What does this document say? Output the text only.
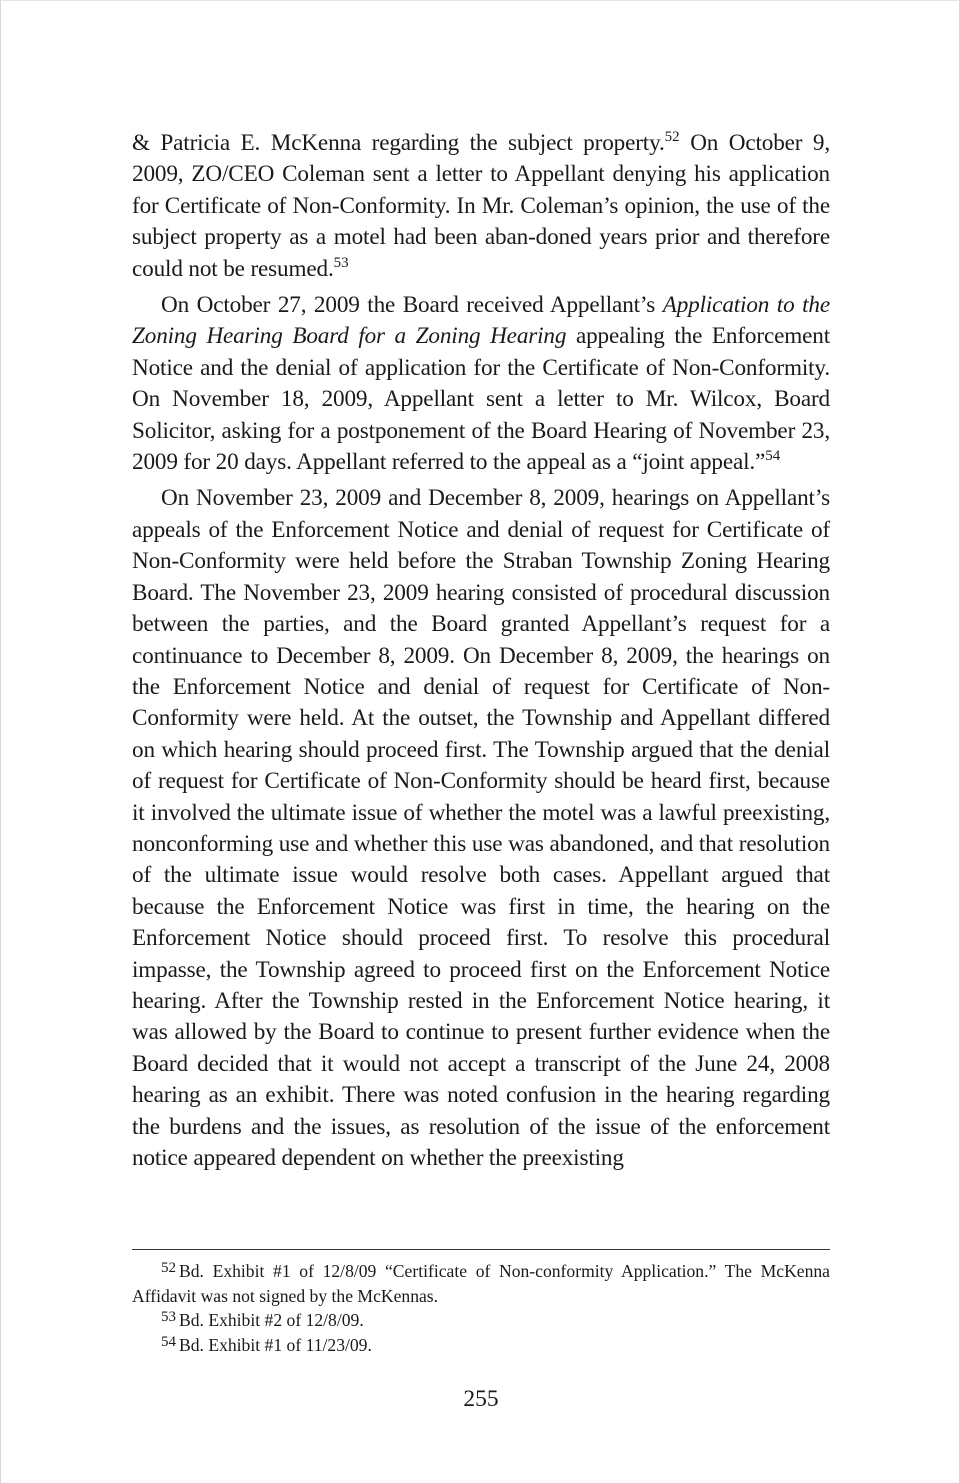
& Patricia E. McKenna regarding the subject property.$^{52}$ On October 9, 2009, ZO/CEO Coleman sent a letter to Appellant denying his application for Certificate of Non-Conformity. In Mr. Coleman’s opinion, the use of the subject property as a motel had been aban-doned years prior and therefore could not be resumed.$^{53}$

On October 27, 2009 the Board received Appellant’s Application to the Zoning Hearing Board for a Zoning Hearing appealing the Enforcement Notice and the denial of application for the Certificate of Non-Conformity. On November 18, 2009, Appellant sent a letter to Mr. Wilcox, Board Solicitor, asking for a postponement of the Board Hearing of November 23, 2009 for 20 days. Appellant referred to the appeal as a “joint appeal.”$^{54}$

On November 23, 2009 and December 8, 2009, hearings on Appellant’s appeals of the Enforcement Notice and denial of request for Certificate of Non-Conformity were held before the Straban Township Zoning Hearing Board. The November 23, 2009 hearing consisted of procedural discussion between the parties, and the Board granted Appellant’s request for a continuance to December 8, 2009. On December 8, 2009, the hearings on the Enforcement Notice and denial of request for Certificate of Non-Conformity were held. At the outset, the Township and Appellant differed on which hearing should proceed first. The Township argued that the denial of request for Certificate of Non-Conformity should be heard first, because it involved the ultimate issue of whether the motel was a lawful preexisting, nonconforming use and whether this use was abandoned, and that resolution of the ultimate issue would resolve both cases. Appellant argued that because the Enforcement Notice was first in time, the hearing on the Enforcement Notice should proceed first. To resolve this procedural impasse, the Township agreed to proceed first on the Enforcement Notice hearing. After the Township rested in the Enforcement Notice hearing, it was allowed by the Board to continue to present further evidence when the Board decided that it would not accept a transcript of the June 24, 2008 hearing as an exhibit. There was noted confusion in the hearing regarding the burdens and the issues, as resolution of the issue of the enforcement notice appeared dependent on whether the preexisting

52 Bd. Exhibit #1 of 12/8/09 “Certificate of Non-conformity Application.” The McKenna Affidavit was not signed by the McKennas.

53 Bd. Exhibit #2 of 12/8/09.

54 Bd. Exhibit #1 of 11/23/09.

255
